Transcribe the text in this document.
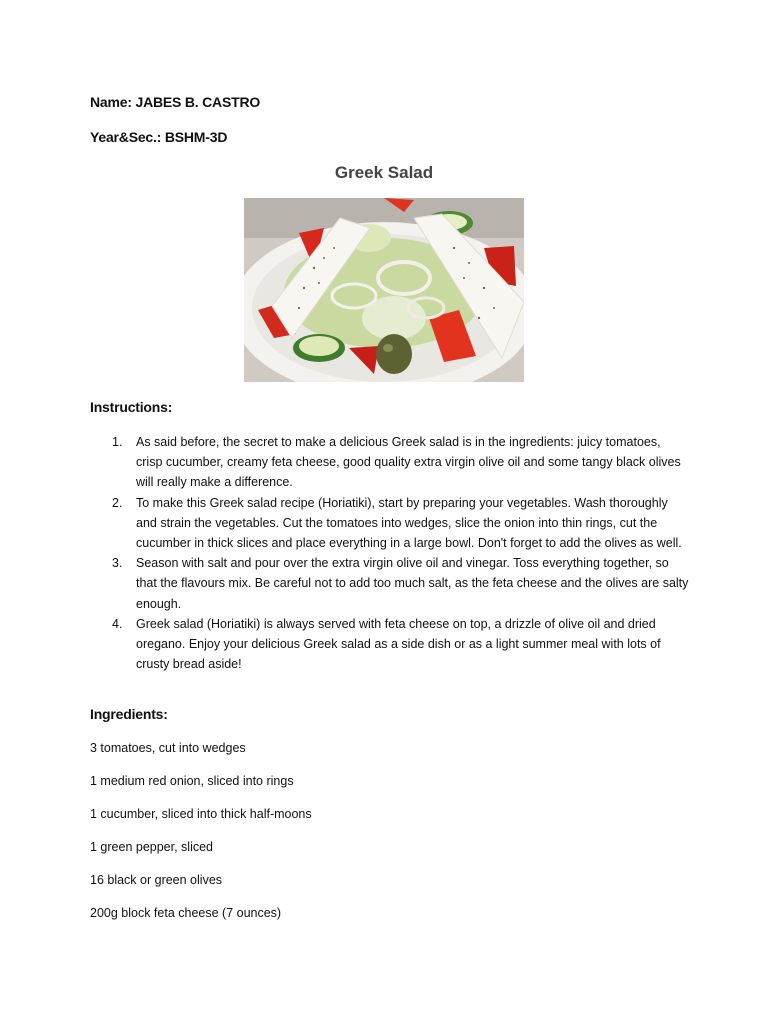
Name: JABES B. CASTRO
Year&Sec.: BSHM-3D
Greek Salad
Instructions:
1. As said before, the secret to make a delicious Greek salad is in the ingredients: juicy tomatoes, crisp cucumber, creamy feta cheese, good quality extra virgin olive oil and some tangy black olives will really make a difference.
2. To make this Greek salad recipe (Horiatiki), start by preparing your vegetables. Wash thoroughly and strain the vegetables. Cut the tomatoes into wedges, slice the onion into thin rings, cut the cucumber in thick slices and place everything in a large bowl. Don't forget to add the olives as well.
3. Season with salt and pour over the extra virgin olive oil and vinegar. Toss everything together, so that the flavours mix. Be careful not to add too much salt, as the feta cheese and the olives are salty enough.
4. Greek salad (Horiatiki) is always served with feta cheese on top, a drizzle of olive oil and dried oregano. Enjoy your delicious Greek salad as a side dish or as a light summer meal with lots of crusty bread aside!
Ingredients:
3 tomatoes, cut into wedges
1 medium red onion, sliced into rings
1 cucumber, sliced into thick half-moons
1 green pepper, sliced
16 black or green olives
200g block feta cheese (7 ounces)
